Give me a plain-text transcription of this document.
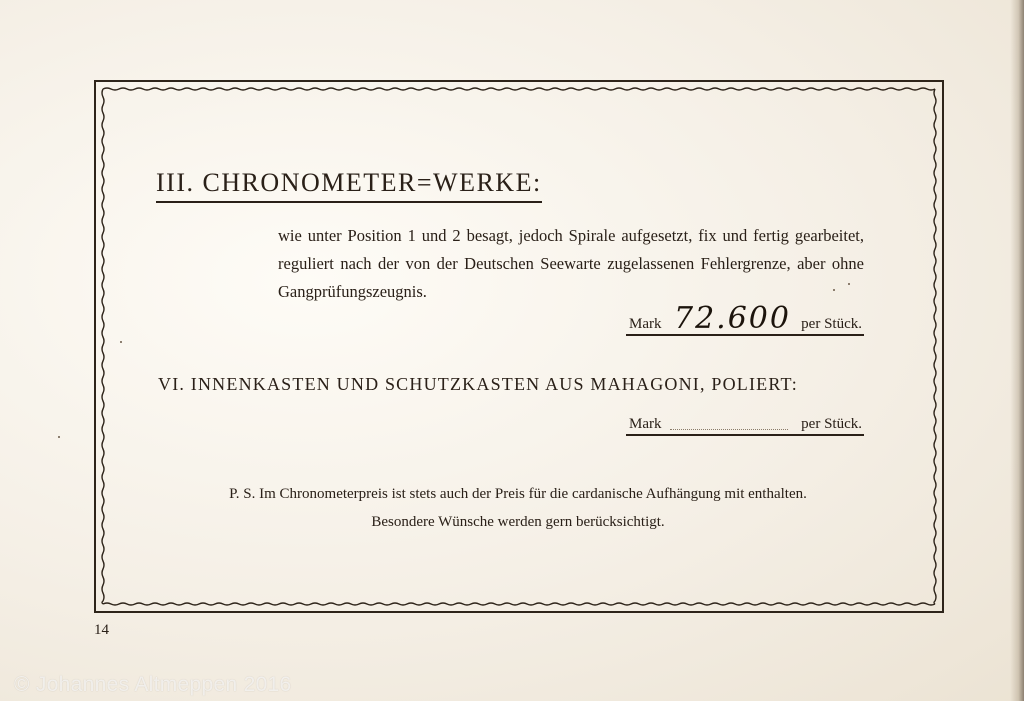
III. CHRONOMETER=WERKE:
wie unter Position 1 und 2 besagt, jedoch Spirale aufgesetzt, fix und fertig gearbeitet, reguliert nach der von der Deutschen Seewarte zugelassenen Fehlergrenze, aber ohne Gangprüfungszeugnis.
Mark 72.600 per Stück.
VI. INNENKASTEN UND SCHUTZKASTEN AUS MAHAGONI, POLIERT:
Mark	per Stück.
P. S. Im Chronometerpreis ist stets auch der Preis für die cardanische Aufhängung mit enthalten.
Besondere Wünsche werden gern berücksichtigt.
14
© Johannes Altmeppen 2016
